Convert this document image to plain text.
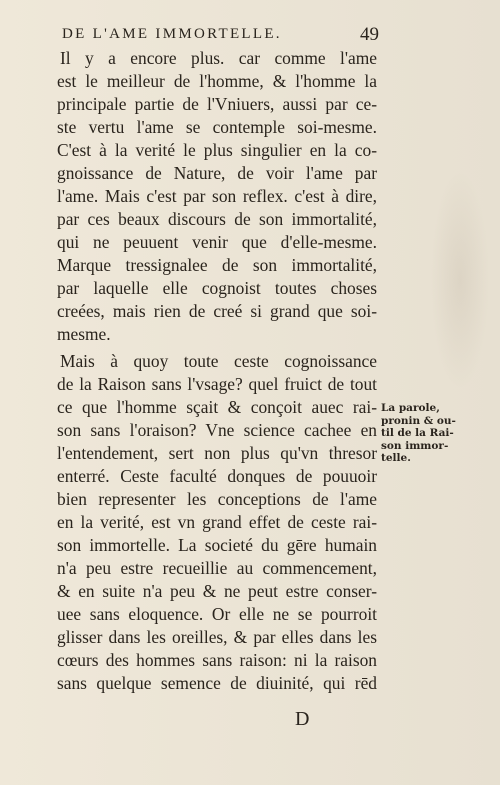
DE L'AME IMMORTELLE.	49
Il y a encore plus. car comme l'ame
est le meilleur de l'homme, & l'homme la
principale partie de l'Vniuers, aussi par ce-
ste vertu l'ame se contemple soi-mesme.
C'est à la verité le plus singulier en la co-
gnoissance de Nature, de voir l'ame par
l'ame. Mais c'est par son reflex. c'est à dire,
par ces beaux discours de son immortalité,
qui ne peuuent venir que d'elle-mesme.
Marque tressignalee de son immortalité,
par laquelle elle cognoist toutes choses
creées, mais rien de creé si grand que soi-
mesme.
Mais à quoy toute ceste cognoissance
de la Raison sans l'vsage? quel fruict de tout
ce que l'homme sçait & conçoit auec rai-
son sans l'oraison? Vne science cachee en
l'entendement, sert non plus qu'vn thresor
enterré. Ceste faculté donques de pouuoir
bien representer les conceptions de l'ame
en la verité, est vn grand effet de ceste rai-
son immortelle. La societé du gēre humain
n'a peu estre recueillie au commencement,
& en suite n'a peu & ne peut estre conser-
uee sans eloquence. Or elle ne se pourroit
glisser dans les oreilles, & par elles dans les
cœurs des hommes sans raison: ni la raison
sans quelque semence de diuinité, qui rēd
La parole,
pronin & ou-
til de la Rai-
son immor-
telle.
D
